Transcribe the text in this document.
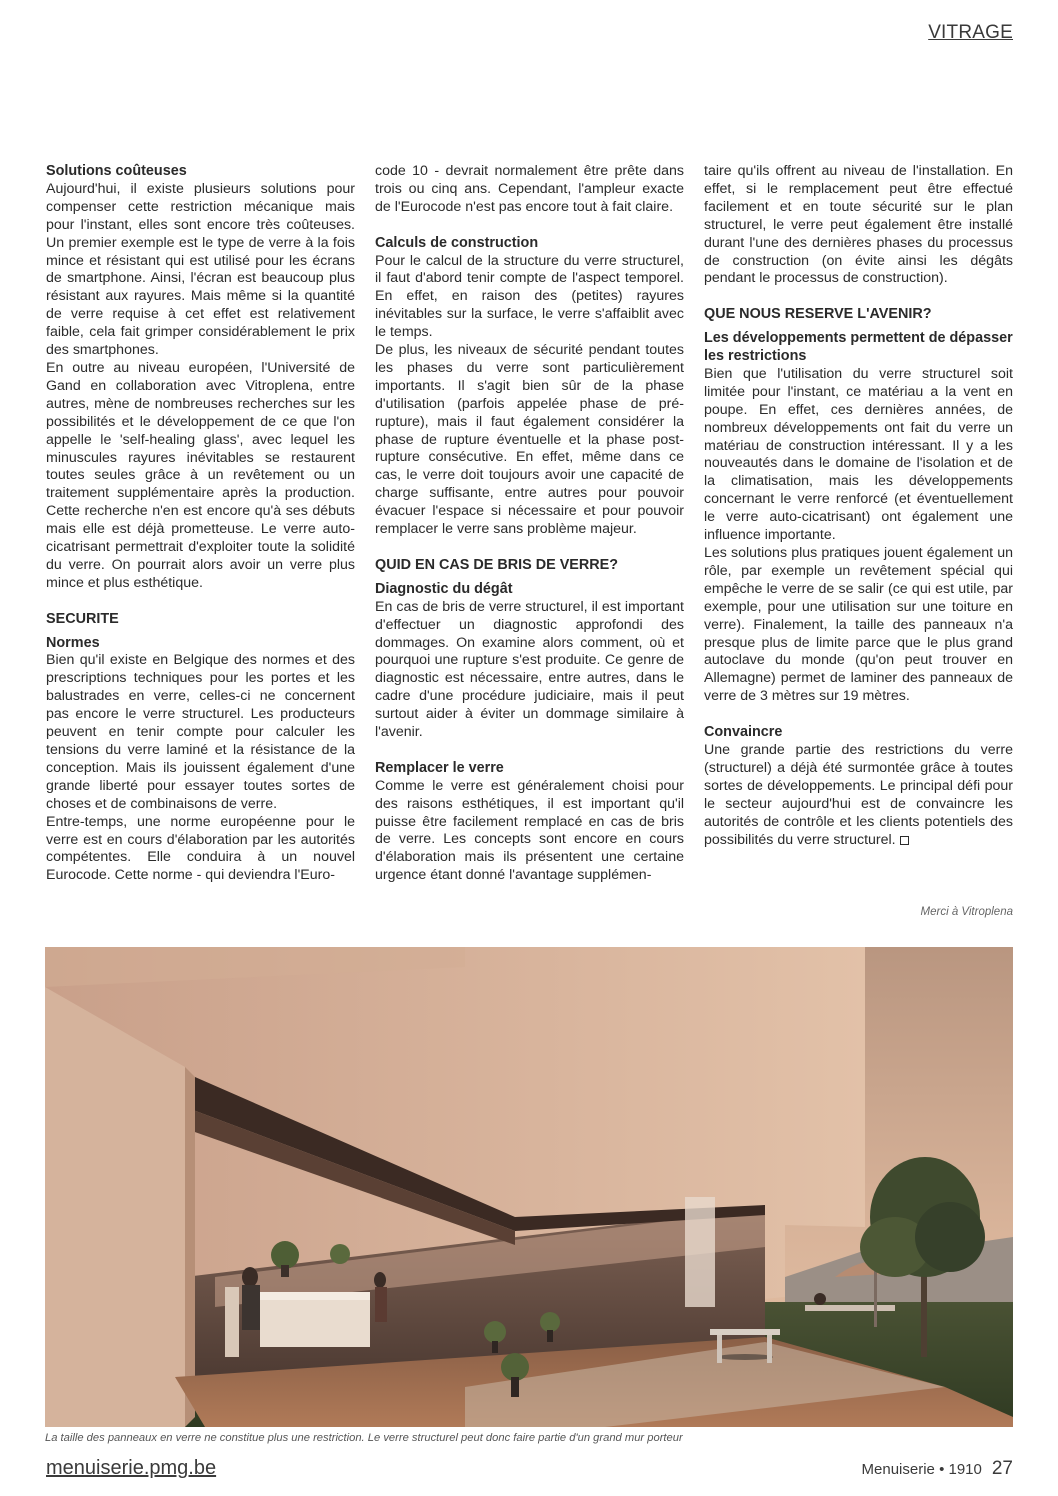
VITRAGE
Solutions coûteuses

Aujourd'hui, il existe plusieurs solutions pour compenser cette restriction mécanique mais pour l'instant, elles sont encore très coûteuses. Un premier exemple est le type de verre à la fois mince et résistant qui est utilisé pour les écrans de smartphone. Ainsi, l'écran est beaucoup plus résistant aux rayures. Mais même si la quantité de verre requise à cet effet est relativement faible, cela fait grimper considérablement le prix des smartphones.

En outre au niveau européen, l'Université de Gand en collaboration avec Vitroplena, entre autres, mène de nombreuses recherches sur les possibilités et le développement de ce que l'on appelle le 'self-healing glass', avec lequel les minuscules rayures inévitables se restaurent toutes seules grâce à un revêtement ou un traitement supplémentaire après la production. Cette recherche n'en est encore qu'à ses débuts mais elle est déjà prometteuse. Le verre auto-cicatrisant permettrait d'exploiter toute la solidité du verre. On pourrait alors avoir un verre plus mince et plus esthétique.

SECURITE
Normes

Bien qu'il existe en Belgique des normes et des prescriptions techniques pour les portes et les balustrades en verre, celles-ci ne concernent pas encore le verre structurel. Les producteurs peuvent en tenir compte pour calculer les tensions du verre laminé et la résistance de la conception. Mais ils jouissent également d'une grande liberté pour essayer toutes sortes de choses et de combinaisons de verre.

Entre-temps, une norme européenne pour le verre est en cours d'élaboration par les autorités compétentes. Elle conduira à un nouvel Eurocode. Cette norme - qui deviendra l'Euro-

code 10 - devrait normalement être prête dans trois ou cinq ans. Cependant, l'ampleur exacte de l'Eurocode n'est pas encore tout à fait claire.

Calculs de construction

Pour le calcul de la structure du verre structurel, il faut d'abord tenir compte de l'aspect temporel. En effet, en raison des (petites) rayures inévitables sur la surface, le verre s'affaiblit avec le temps.

De plus, les niveaux de sécurité pendant toutes les phases du verre sont particulièrement importants. Il s'agit bien sûr de la phase d'utilisation (parfois appelée phase de pré-rupture), mais il faut également considérer la phase de rupture éventuelle et la phase post-rupture consécutive. En effet, même dans ce cas, le verre doit toujours avoir une capacité de charge suffisante, entre autres pour pouvoir évacuer l'espace si nécessaire et pour pouvoir remplacer le verre sans problème majeur.

QUID EN CAS DE BRIS DE VERRE?
Diagnostic du dégât

En cas de bris de verre structurel, il est important d'effectuer un diagnostic approfondi des dommages. On examine alors comment, où et pourquoi une rupture s'est produite. Ce genre de diagnostic est nécessaire, entre autres, dans le cadre d'une procédure judiciaire, mais il peut surtout aider à éviter un dommage similaire à l'avenir.

Remplacer le verre

Comme le verre est généralement choisi pour des raisons esthétiques, il est important qu'il puisse être facilement remplacé en cas de bris de verre. Les concepts sont encore en cours d'élaboration mais ils présentent une certaine urgence étant donné l'avantage supplémen-

taire qu'ils offrent au niveau de l'installation. En effet, si le remplacement peut être effectué facilement et en toute sécurité sur le plan structurel, le verre peut également être installé durant l'une des dernières phases du processus de construction (on évite ainsi les dégâts pendant le processus de construction).

QUE NOUS RESERVE L'AVENIR?
Les développements permettent de dépasser les restrictions

Bien que l'utilisation du verre structurel soit limitée pour l'instant, ce matériau a la vent en poupe. En effet, ces dernières années, de nombreux développements ont fait du verre un matériau de construction intéressant. Il y a les nouveautés dans le domaine de l'isolation et de la climatisation, mais les développements concernant le verre renforcé (et éventuellement le verre auto-cicatrisant) ont également une influence importante.

Les solutions plus pratiques jouent également un rôle, par exemple un revêtement spécial qui empêche le verre de se salir (ce qui est utile, par exemple, pour une utilisation sur une toiture en verre). Finalement, la taille des panneaux n'a presque plus de limite parce que le plus grand autoclave du monde (qu'on peut trouver en Allemagne) permet de laminer des panneaux de verre de 3 mètres sur 19 mètres.

Convaincre

Une grande partie des restrictions du verre (structurel) a déjà été surmontée grâce à toutes sortes de développements. Le principal défi pour le secteur aujourd'hui est de convaincre les autorités de contrôle et les clients potentiels des possibilités du verre structurel.

Merci à Vitroplena
La taille des panneaux en verre ne constitue plus une restriction. Le verre structurel peut donc faire partie d'un grand mur porteur
menuiserie.pmg.be	Menuiserie • 1910 27
